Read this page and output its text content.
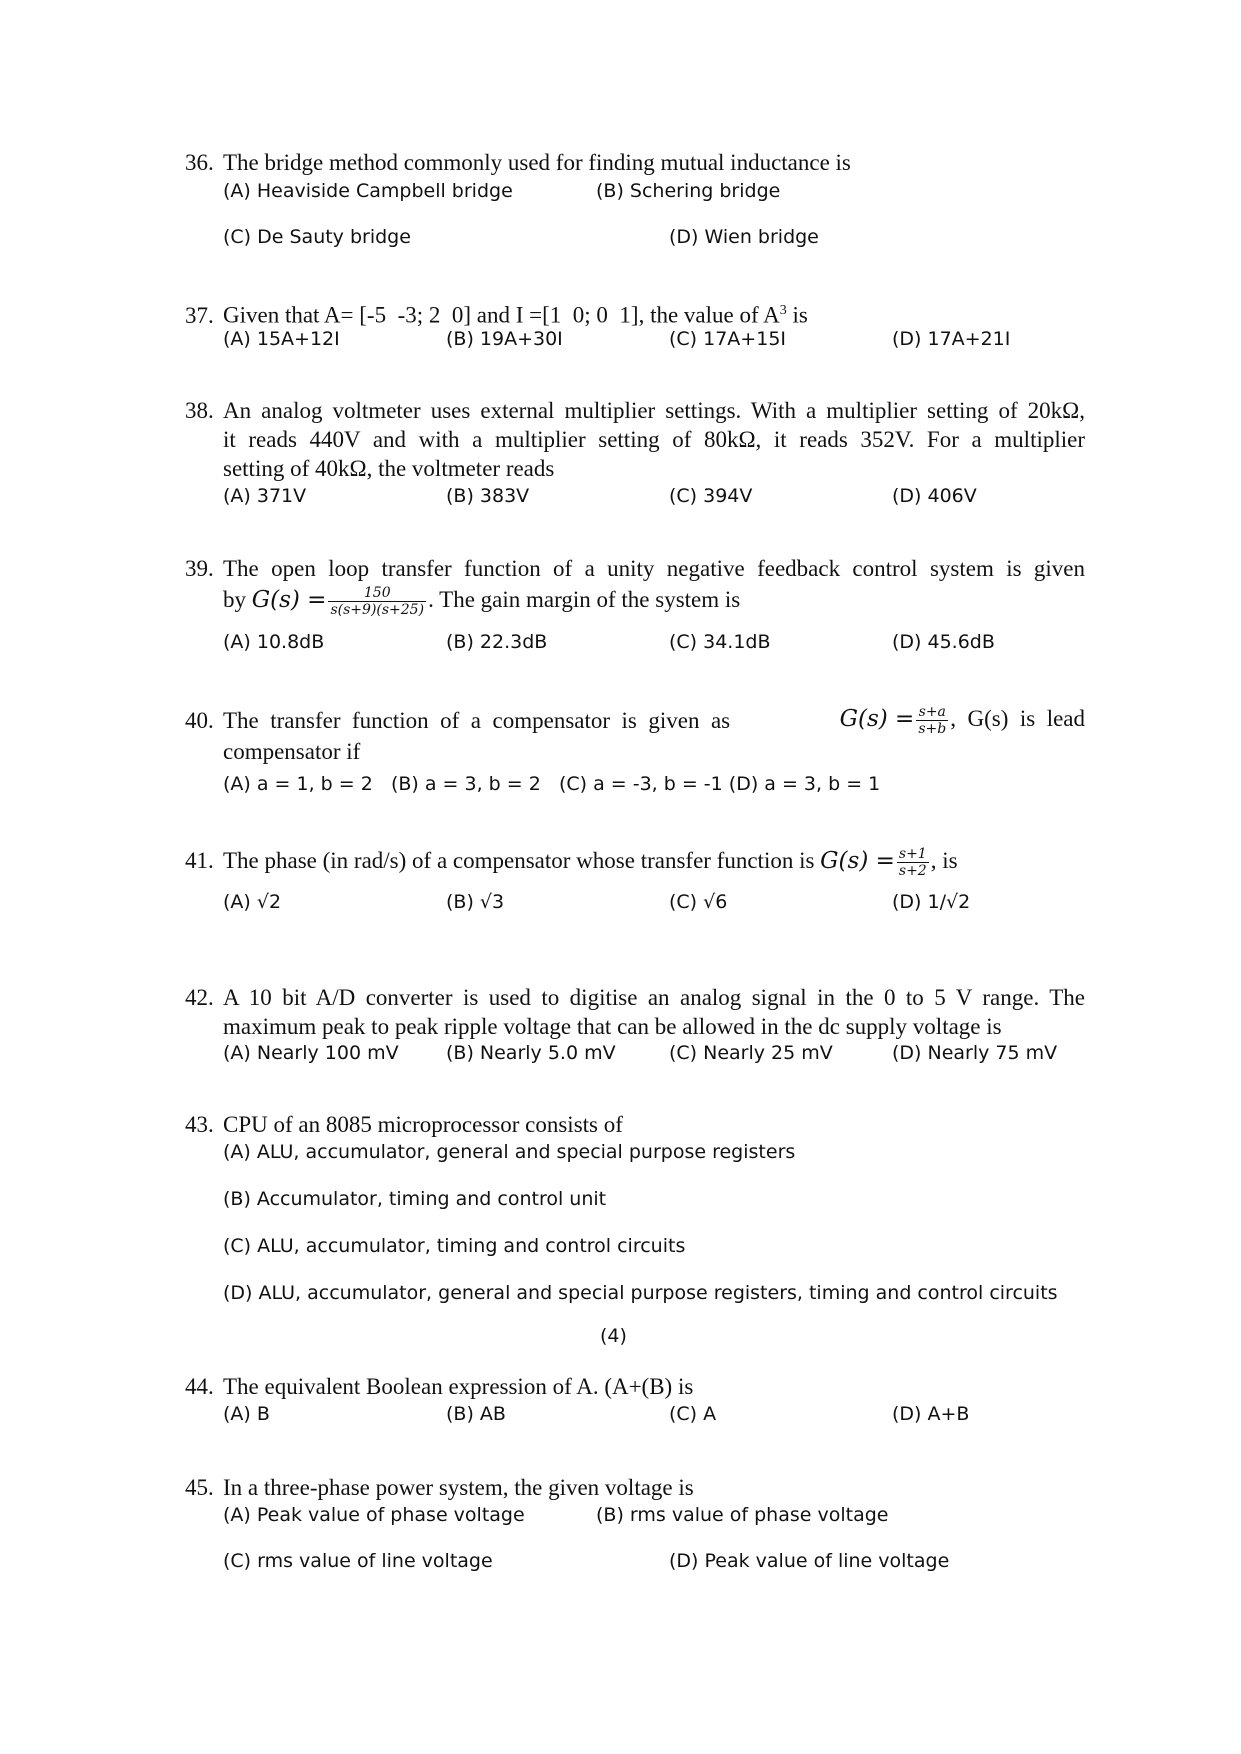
36. The bridge method commonly used for finding mutual inductance is
(A) Heaviside Campbell bridge	(B) Schering bridge
(C) De Sauty bridge	(D) Wien bridge
37. Given that A= [-5  -3; 2  0] and I =[1  0; 0  1], the value of $A^3$ is
(A) 15A+12I	(B) 19A+30I	(C) 17A+15I	(D) 17A+21I
38. An analog voltmeter uses external multiplier settings. With a multiplier setting of 20kΩ,
it reads 440V and with a multiplier setting of 80kΩ, it reads 352V. For a multiplier
setting of 40kΩ, the voltmeter reads
(A) 371V	(B) 383V	(C) 394V	(D) 406V
39. The open loop transfer function of a unity negative feedback control system is given
by $G(s) = \frac{150}{s(s+9)(s+25)}$ . The gain margin of the system is
(A) 10.8dB	(B) 22.3dB	(C) 34.1dB	(D) 45.6dB
40. The  transfer  function  of  a  compensator  is  given  as	$G(s) = \frac{s+a}{s+b}$ ,  G(s)  is  lead
compensator if
(A) a = 1, b = 2 (B) a = 3, b = 2 (C) a = -3, b = -1 (D) a = 3, b = 1
41. The phase (in rad/s) of a compensator whose transfer function is $G(s) = \frac{s+1}{s+2}$ , is
(A) √2	(B) √3	(C) √6	(D) 1/√2
42. A 10 bit A/D converter is used to digitise an analog signal in the 0 to 5 V range. The
maximum peak to peak ripple voltage that can be allowed in the dc supply voltage is
(A) Nearly 100 mV (B) Nearly 5.0 mV	(C) Nearly 25 mV	(D) Nearly 75 mV
43. CPU of an 8085 microprocessor consists of
(A) ALU, accumulator, general and special purpose registers
(B) Accumulator, timing and control unit
(C) ALU, accumulator, timing and control circuits
(D) ALU, accumulator, general and special purpose registers, timing and control circuits
(4)
44. The equivalent Boolean expression of A. (A+(B) is
(A) B	(B) AB	(C) A	(D) A+B
45. In a three-phase power system, the given voltage is
(A) Peak value of phase voltage	(B) rms value of phase voltage
(C) rms value of line voltage	(D) Peak value of line voltage
